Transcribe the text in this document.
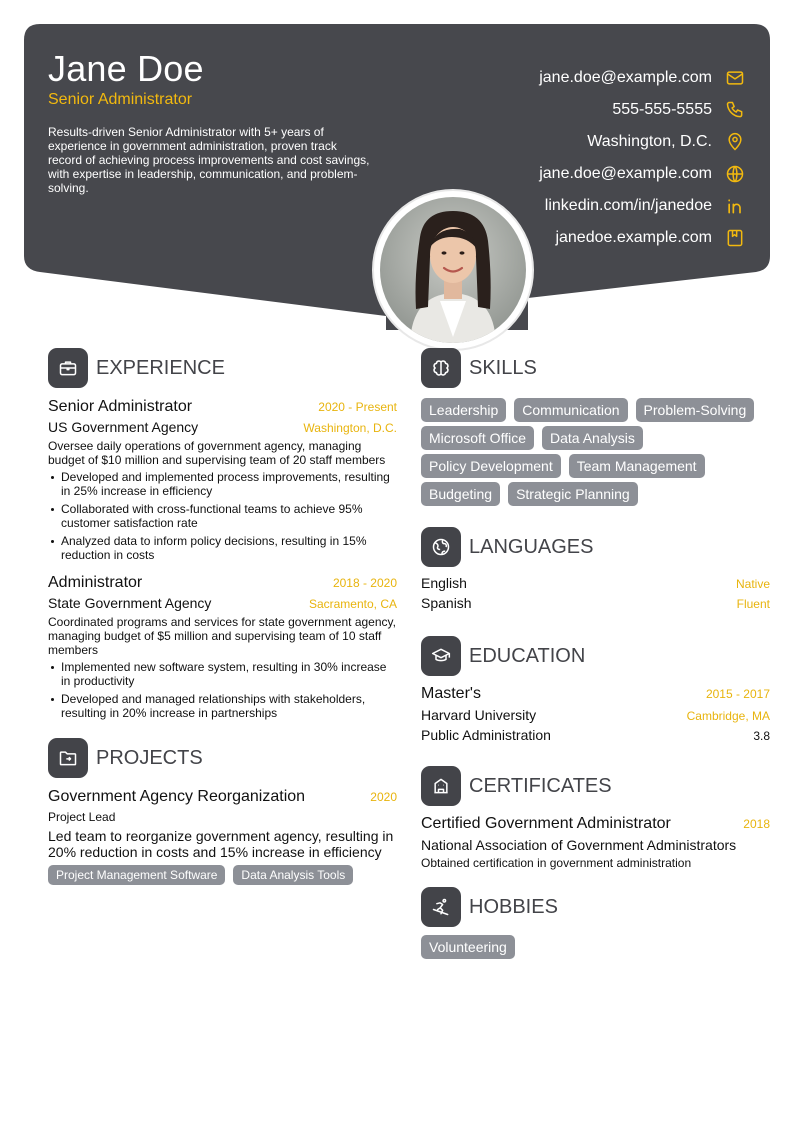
Jane Doe
Senior Administrator
Results-driven Senior Administrator with 5+ years of experience in government administration, proven track record of achieving process improvements and cost savings, with expertise in leadership, communication, and problem-solving.
jane.doe@example.com
555-555-5555
Washington, D.C.
jane.doe@example.com
linkedin.com/in/janedoe
janedoe.example.com
EXPERIENCE
Senior Administrator	2020 - Present
US Government Agency	Washington, D.C.
Oversee daily operations of government agency, managing budget of $10 million and supervising team of 20 staff members
Developed and implemented process improvements, resulting in 25% increase in efficiency
Collaborated with cross-functional teams to achieve 95% customer satisfaction rate
Analyzed data to inform policy decisions, resulting in 15% reduction in costs
Administrator	2018 - 2020
State Government Agency	Sacramento, CA
Coordinated programs and services for state government agency, managing budget of $5 million and supervising team of 10 staff members
Implemented new software system, resulting in 30% increase in productivity
Developed and managed relationships with stakeholders, resulting in 20% increase in partnerships
PROJECTS
Government Agency Reorganization	2020
Project Lead
Led team to reorganize government agency, resulting in 20% reduction in costs and 15% increase in efficiency
Project Management Software	Data Analysis Tools
SKILLS
Leadership	Communication	Problem-Solving
Microsoft Office	Data Analysis
Policy Development	Team Management
Budgeting	Strategic Planning
LANGUAGES
English	Native
Spanish	Fluent
EDUCATION
Master's	2015 - 2017
Harvard University	Cambridge, MA
Public Administration	3.8
CERTIFICATES
Certified Government Administrator	2018
National Association of Government Administrators
Obtained certification in government administration
HOBBIES
Volunteering
